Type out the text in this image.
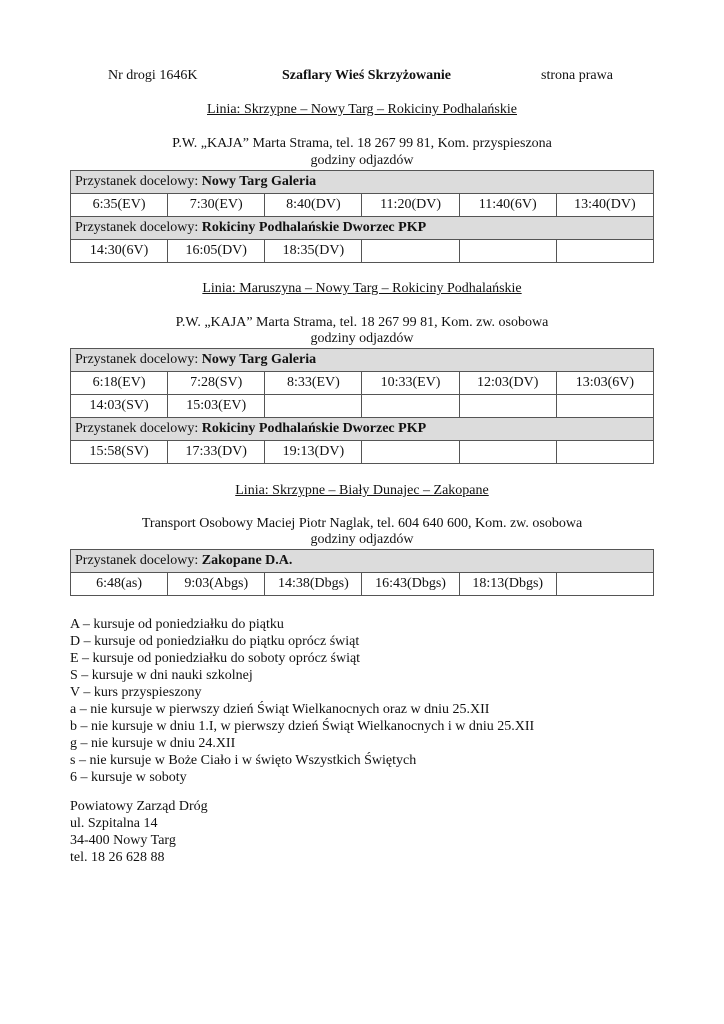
Nr drogi 1646K	Szaflary Wieś Skrzyżowanie	strona prawa
Linia: Skrzypne – Nowy Targ – Rokiciny Podhalańskie
P.W. „KAJA” Marta Strama, tel. 18 267 99 81, Kom. przyspieszona
godziny odjazdów
Przystanek docelowy: Nowy Targ Galeria					
6:35(EV)	7:30(EV)	8:40(DV)	11:20(DV)	11:40(6V)	13:40(DV)
Przystanek docelowy: Rokiciny Podhalańskie Dworzec PKP					
14:30(6V)	16:05(DV)	18:35(DV)			
Linia: Maruszyna – Nowy Targ – Rokiciny Podhalańskie
P.W. „KAJA” Marta Strama, tel. 18 267 99 81, Kom. zw. osobowa
godziny odjazdów
Przystanek docelowy: Nowy Targ Galeria					
6:18(EV)	7:28(SV)	8:33(EV)	10:33(EV)	12:03(DV)	13:03(6V)
14:03(SV)	15:03(EV)				
Przystanek docelowy: Rokiciny Podhalańskie Dworzec PKP					
15:58(SV)	17:33(DV)	19:13(DV)			
Linia: Skrzypne – Biały Dunajec – Zakopane
Transport Osobowy Maciej Piotr Naglak, tel. 604 640 600, Kom. zw. osobowa
godziny odjazdów
Przystanek docelowy: Zakopane D.A.
6:48(as)	9:03(Abgs)	14:38(Dbgs)	16:43(Dbgs)	18:13(Dbgs)	
A – kursuje od poniedziałku do piątku
D – kursuje od poniedziałku do piątku oprócz świąt
E – kursuje od poniedziałku do soboty oprócz świąt
S – kursuje w dni nauki szkolnej
V – kurs przyspieszony
a – nie kursuje w pierwszy dzień Świąt Wielkanocnych oraz w dniu 25.XII
b – nie kursuje w dniu 1.I, w pierwszy dzień Świąt Wielkanocnych i w dniu 25.XII
g – nie kursuje w dniu 24.XII
s – nie kursuje w Boże Ciało i w święto Wszystkich Świętych
6 – kursuje w soboty
Powiatowy Zarząd Dróg
ul. Szpitalna 14
34-400 Nowy Targ
tel. 18 26 628 88
